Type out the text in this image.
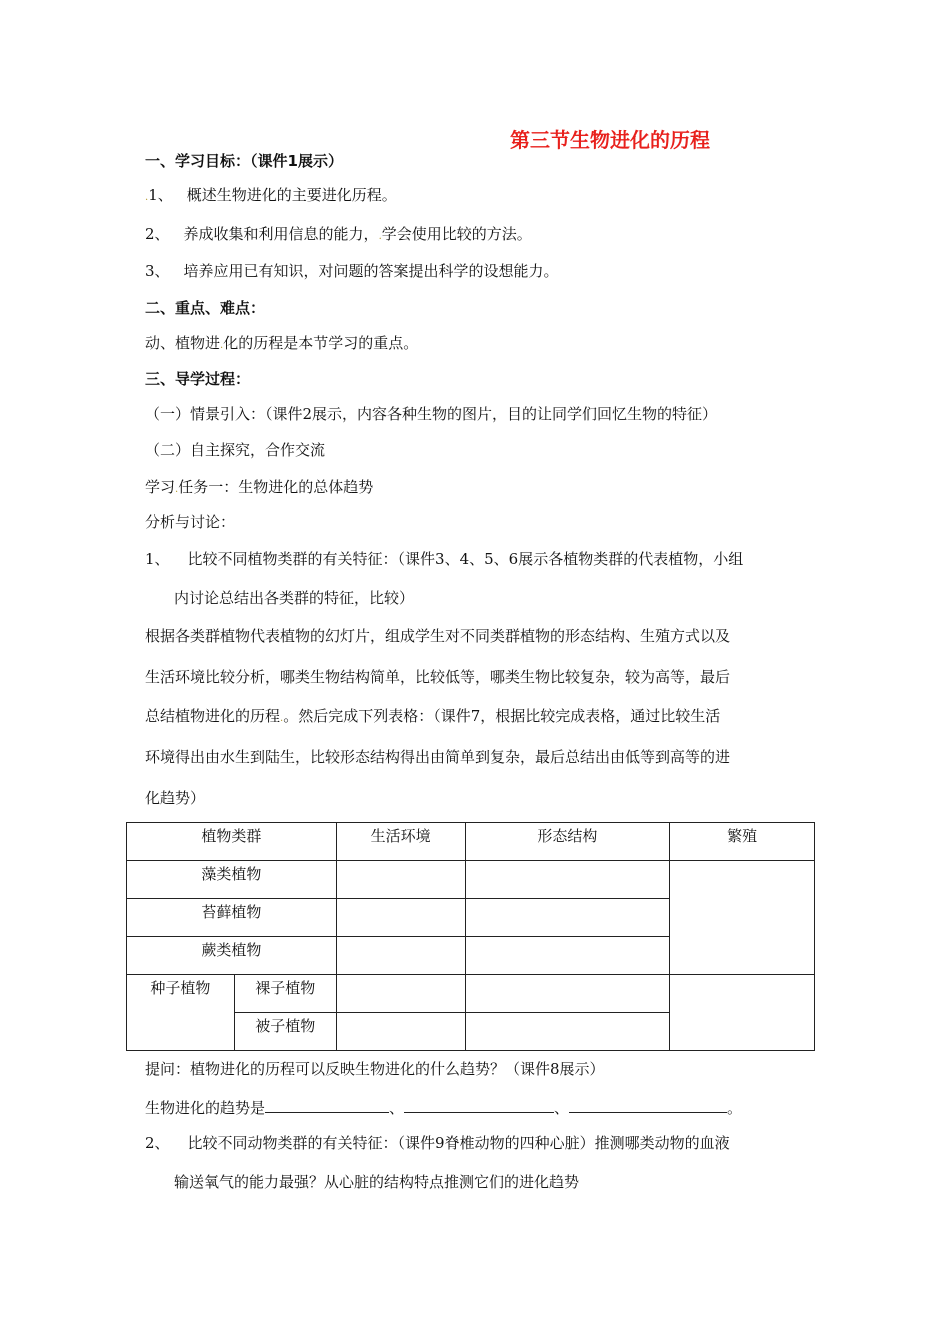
第三节生物进化的历程
一、学习目标：（课件1展示）
.1、 概述生物进化的主要进化历程。
2、 养成收集和利用信息的能力，.学会使用比较的方法。
3、 培养应用已有知识，对问题的答案提出科学的设想能力。
二、重点、难点：
动、植物进.化的历程是本节学习的重点。
三、导学过程：
（一）情景引入：（课件2展示，内容各种生物的图片，目的让同学们回忆生物的特征）
（二）自主探究，合作交流
学习.任务一：生物进化的总体趋势
分析与讨论：
1、 比较不同植物类群的有关特征：（课件3、4、5、6展示各植物类群的代表植物，小组
内讨论总结出各类群的特征，比较）
根据各类群植物代表植物的幻灯片，组成学生对不同类群植物的形态结构、生殖方式以及
生活环境比较分析，哪类生物结构简单，比较低等，哪类生物比较复杂，较为高等，最后
总结植物进化的历程.。然后完成下列表格：（课件7，根据比较完成表格，通过比较生活
环境得出由水生到陆生，比较形态结构得出由简单到复杂，最后总结出由低等到高等的进
化趋势）
植物类群		生活环境	形态结构	繁殖
藻类植物				
苔藓植物				
蕨类植物				
种子植物	裸子植物			
	被子植物			
提问：植物进化的历程可以反映生物进化的什么趋势？（课件8展示）
生物进化的趋势是	、	、	。
2、 比较不同动物类群的有关特征：（课件9脊椎动物的四种心脏）推测哪类动物的血液
输送氧气的能力最强？从心脏的结构特点推测它们的进化趋势
